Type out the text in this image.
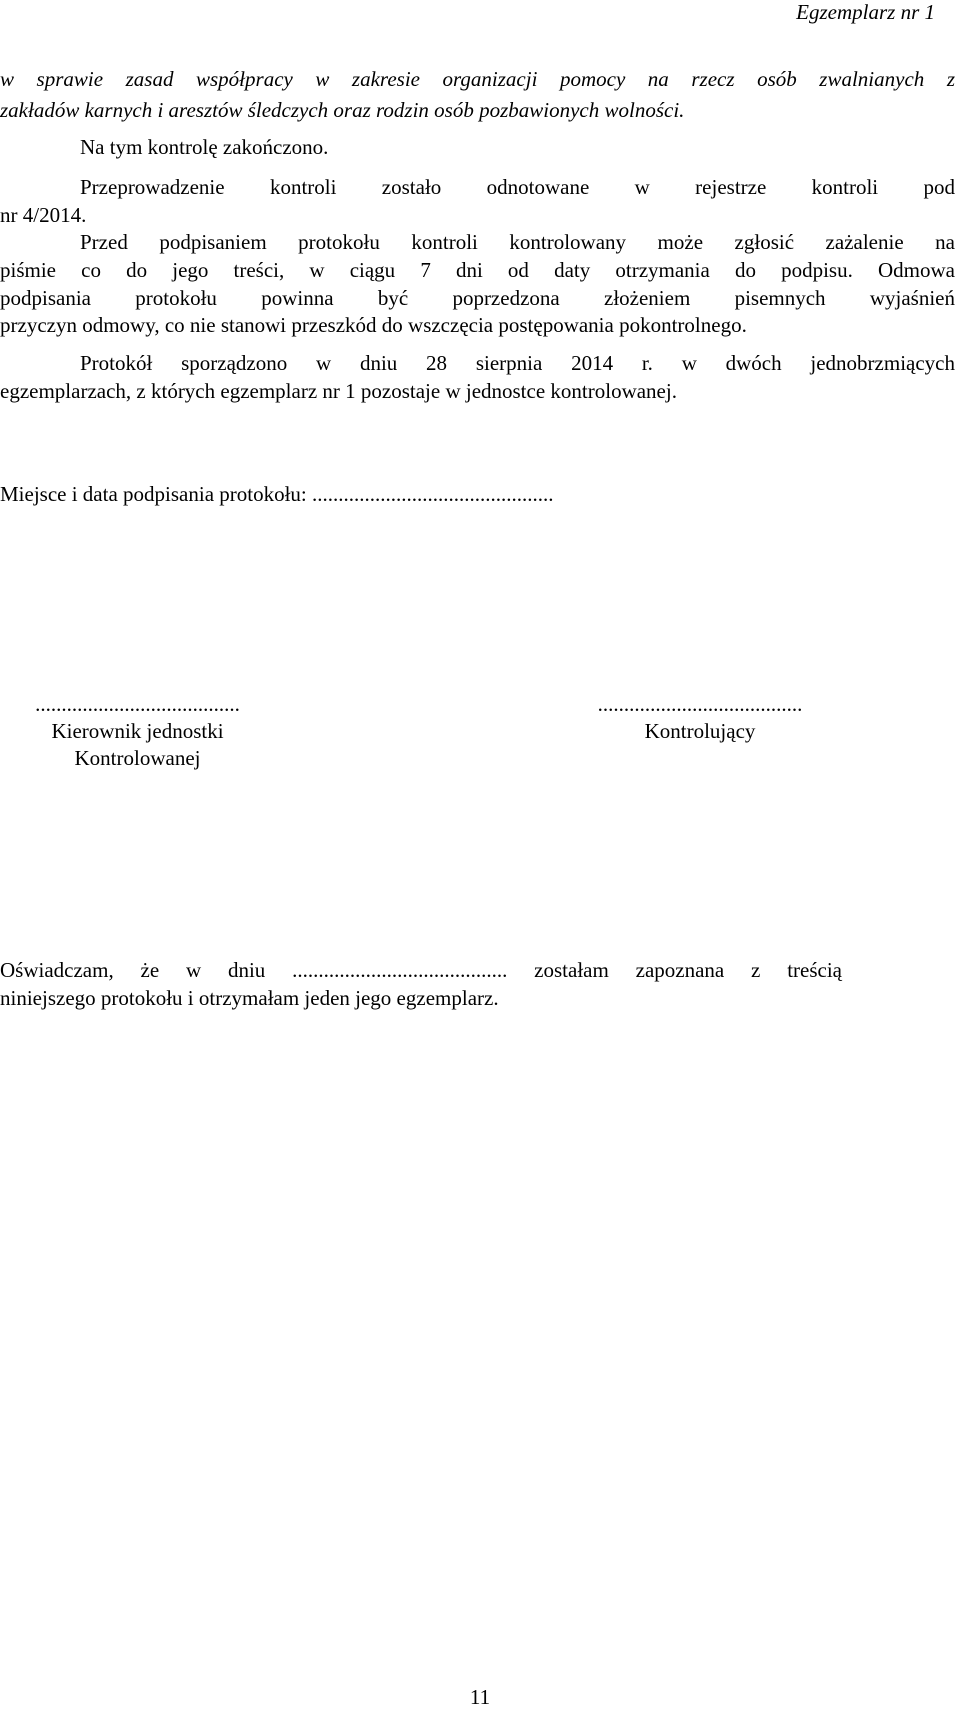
Egzemplarz nr 1

w sprawie zasad współpracy w zakresie organizacji pomocy na rzecz osób zwalnianych z

zakładów karnych i aresztów śledczych oraz rodzin osób pozbawionych wolności.

Na tym kontrolę zakończono.

Przeprowadzenie kontroli zostało odnotowane w rejestrze kontroli pod

nr 4/2014.

Przed podpisaniem protokołu kontroli kontrolowany może zgłosić zażalenie na

piśmie co do jego treści, w ciągu 7 dni od daty otrzymania do podpisu. Odmowa

podpisania protokołu powinna być poprzedzona złożeniem pisemnych wyjaśnień

przyczyn odmowy, co nie stanowi przeszkód do wszczęcia postępowania pokontrolnego.

Protokół sporządzono w dniu 28 sierpnia 2014 r. w dwóch jednobrzmiących

egzemplarzach, z których egzemplarz nr 1 pozostaje w jednostce kontrolowanej.

Miejsce i data podpisania protokołu: ..............................................

.......................................
Kierownik jednostki
Kontrolowanej
.......................................
Kontrolujący

Oświadczam, że w dniu ......................................... zostałam zapoznana z treścią

niniejszego protokołu i otrzymałam jeden jego egzemplarz.

11
